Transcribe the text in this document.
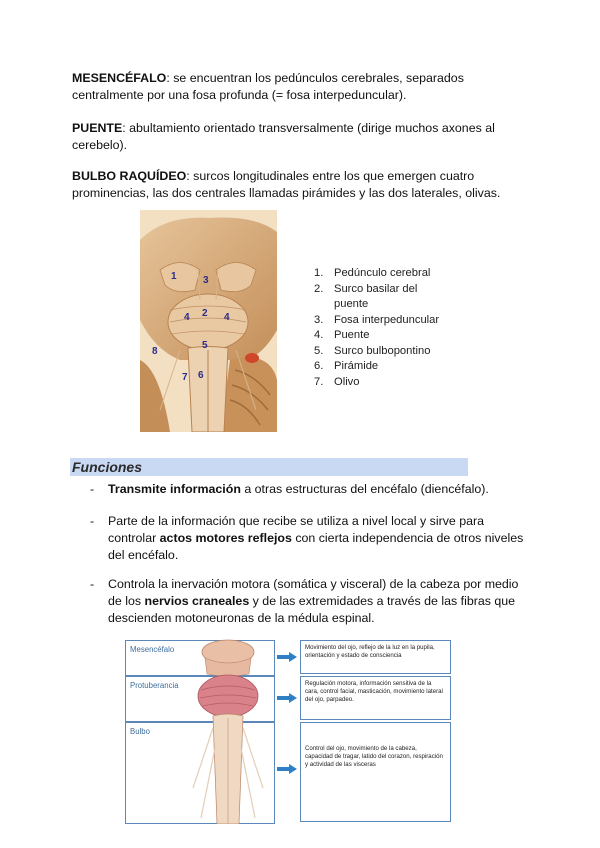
MESENCÉFALO: se encuentran los pedúnculos cerebrales, separados centralmente por una fosa profunda (= fosa interpeduncular).
PUENTE: abultamiento orientado transversalmente (dirige muchos axones al cerebelo).
BULBO RAQUÍDEO: surcos longitudinales entre los que emergen cuatro prominencias, las dos centrales llamadas pirámides y las dos laterales, olivas.
1	3
4 2 4
5
8
7 6
1. Pedúnculo cerebral
2. Surco basilar del puente
3. Fosa interpeduncular
4. Puente
5. Surco bulbopontino
6. Pirámide
7. Olivo
Funciones
- Transmite información a otras estructuras del encéfalo (diencéfalo).
- Parte de la información que recibe se utiliza a nivel local y sirve para controlar actos motores reflejos con cierta independencia de otros niveles del encéfalo.
- Controla la inervación motora (somática y visceral) de la cabeza por medio de los nervios craneales y de las extremidades a través de las fibras que descienden motoneuronas de la médula espinal.
Mesencéfalo
Protuberancia
Bulbo
Movimiento del ojo, reflejo de la luz en la pupila, orientación y estado de consciencia
Regulación motora, información sensitiva de la cara, control facial, masticación, movimiento lateral del ojo, parpadeo.
Control del ojo, movimiento de la cabeza, capacidad de tragar, latido del corazon, respiración y actividad de las visceras
